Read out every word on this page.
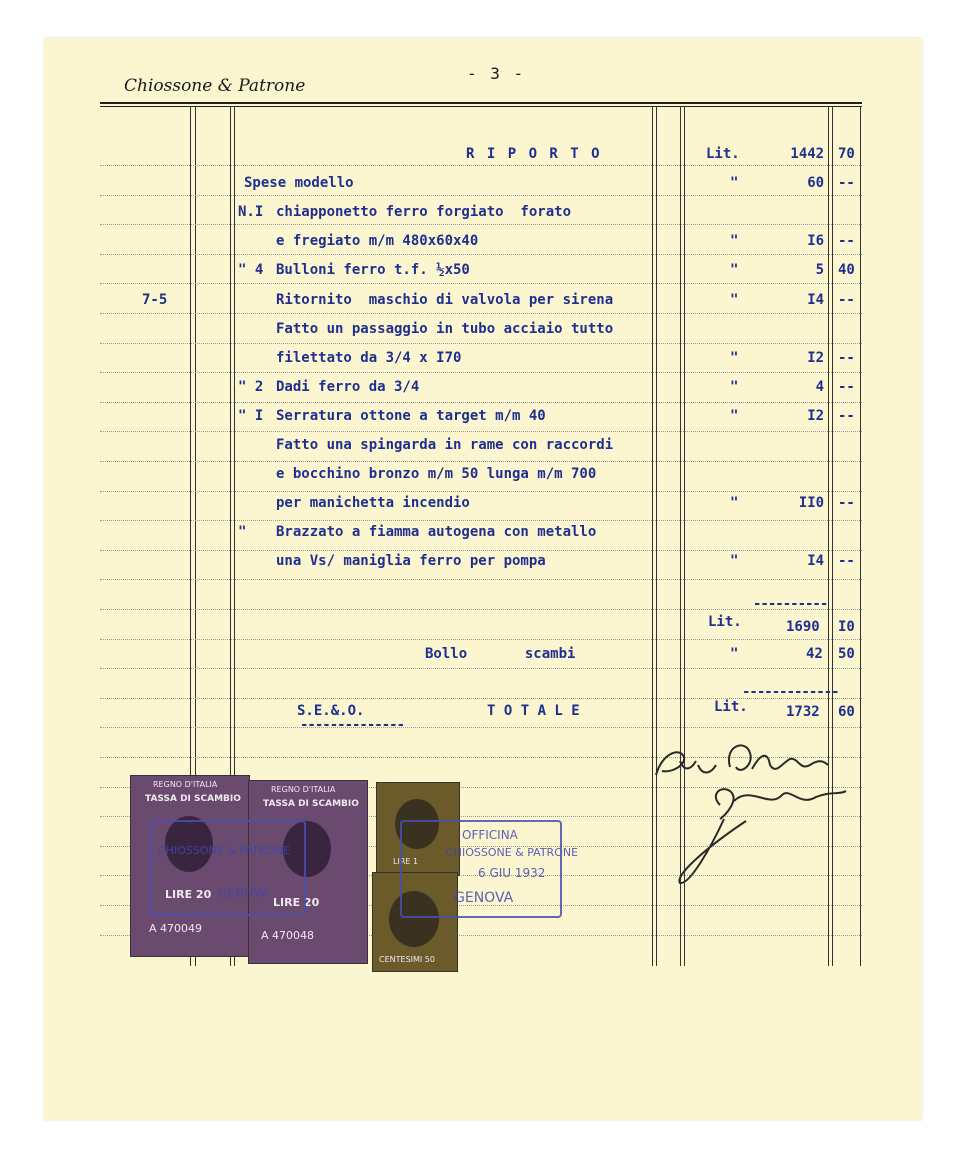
Chiossone & Patrone
- 3 -
R I P O R T O	Lit.	1442 70
Spese modello	"	60 --
N.I chiapponetto ferro forgiato  forato
e fregiato m/m 480x60x40	"	I6 --
" 4 Bulloni ferro t.f. ½x50	"	5 40
7-5	Ritornito  maschio di valvola per sirena	"	I4 --
Fatto un passaggio in tubo acciaio tutto
filettato da 3/4 x I70	"	I2 --
" 2 Dadi ferro da 3/4	"	4 --
" I Serratura ottone a target m/m 40	"	I2 --
Fatto una spingarda in rame con raccordi
e bocchino bronzo m/m 50 lunga m/m 700
per manichetta incendio	"	II0 --
" Brazzato a fiamma autogena con metallo
una Vs/ maniglia ferro per pompa	"	I4 --
----------
Lit.	1690 I0
Bollo    scambi	"	42 50
-------------
S.E.&.O.
--------------
T O T A L E	Lit.	1732 60
REGNO D'ITALIA
TASSA DI SCAMBIO
LIRE 20
A 470049
REGNO D'ITALIA
TASSA DI SCAMBIO
LIRE 20
A 470048
LIRE 1
CENTESIMI 50
CHIOSSONE & PATRONE
GENOVA
OFFICINA
CHIOSSONE & PATRONE
6 GIU 1932
GENOVA
